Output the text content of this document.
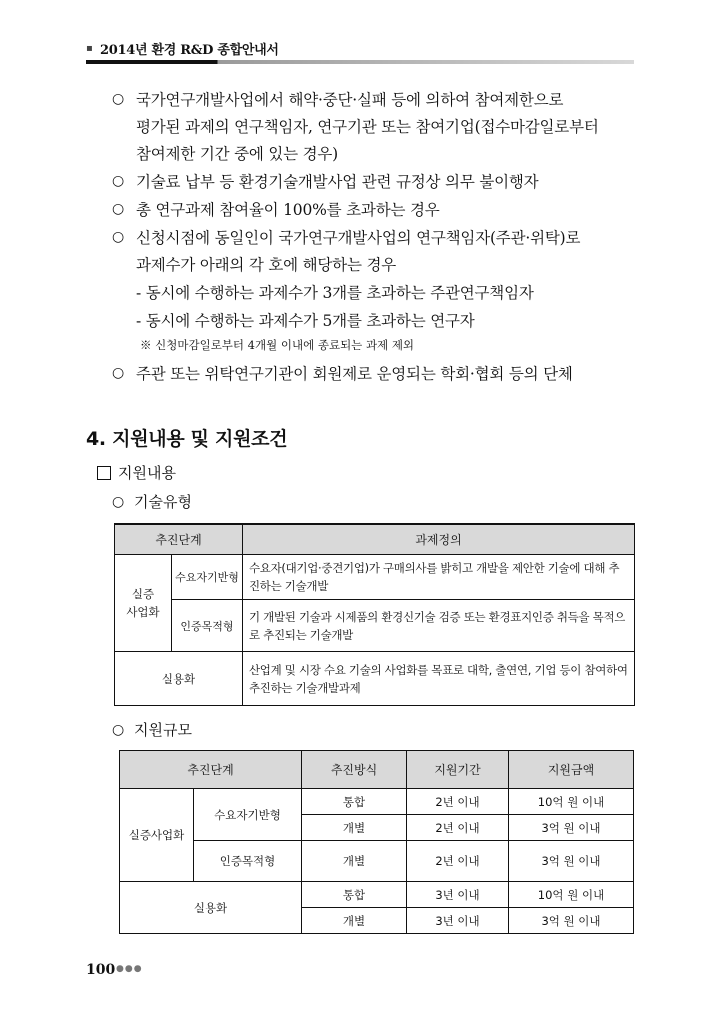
▪ 2014년 환경 R&D 종합안내서
○ 국가연구개발사업에서 해약·중단·실패 등에 의하여 참여제한으로
평가된 과제의 연구책임자, 연구기관 또는 참여기업(접수마감일로부터
참여제한 기간 중에 있는 경우)
○ 기술료 납부 등 환경기술개발사업 관련 규정상 의무 불이행자
○ 총 연구과제 참여율이 100%를 초과하는 경우
○ 신청시점에 동일인이 국가연구개발사업의 연구책임자(주관·위탁)로
과제수가 아래의 각 호에 해당하는 경우
- 동시에 수행하는 과제수가 3개를 초과하는 주관연구책임자
- 동시에 수행하는 과제수가 5개를 초과하는 연구자
※ 신청마감일로부터 4개월 이내에 종료되는 과제 제외
○ 주관 또는 위탁연구기관이 회원제로 운영되는 학회·협회 등의 단체
4. 지원내용 및 지원조건
지원내용
○ 기술유형
추진단계		과제정의
실증
사업화	수요자기반형	수요자(대기업·중견기업)가 구매의사를 밝히고 개발을 제안한 기술에 대해 추진하는 기술개발
	인증목적형	기 개발된 기술과 시제품의 환경신기술 검증 또는 환경표지인증 취득을 목적으로 추진되는 기술개발
실용화		산업계 및 시장 수요 기술의 사업화를 목표로 대학, 출연연, 기업 등이 참여하여 추진하는 기술개발과제
○ 지원규모
추진단계		추진방식	지원기간	지원금액
실증사업화	수요자기반형	통합	2년 이내	10억 원 이내
		개별	2년 이내	3억 원 이내
	인증목적형	개별	2년 이내	3억 원 이내
실용화		통합	3년 이내	10억 원 이내
		개별	3년 이내	3억 원 이내
100 ●●●
